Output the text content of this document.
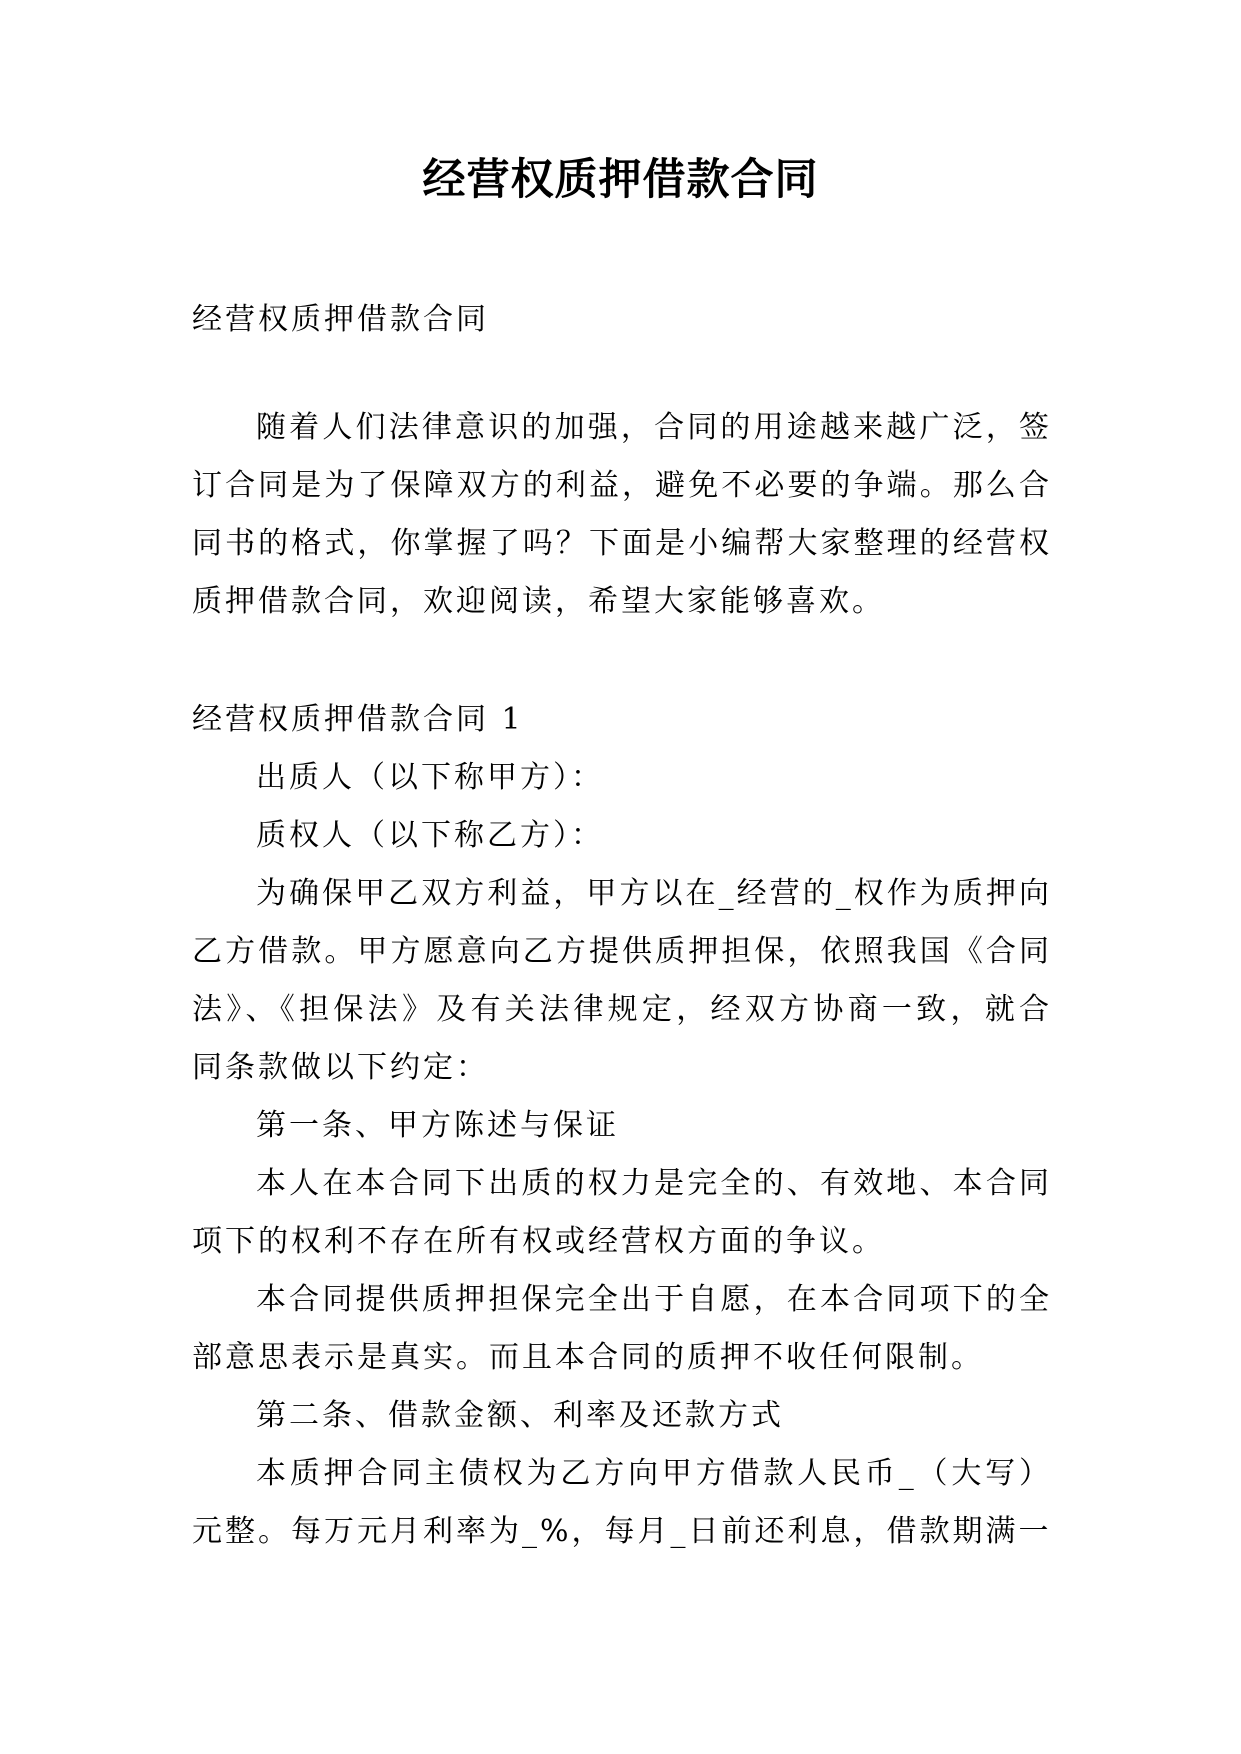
经营权质押借款合同

经营权质押借款合同

随着人们法律意识的加强，合同的用途越来越广泛，签订合同是为了保障双方的利益，避免不必要的争端。那么合同书的格式，你掌握了吗？下面是小编帮大家整理的经营权质押借款合同，欢迎阅读，希望大家能够喜欢。

经营权质押借款合同 1

出质人（以下称甲方）：

质权人（以下称乙方）：

为确保甲乙双方利益，甲方以在_经营的_权作为质押向乙方借款。甲方愿意向乙方提供质押担保，依照我国《合同法》、《担保法》及有关法律规定，经双方协商一致，就合同条款做以下约定：

第一条、甲方陈述与保证

本人在本合同下出质的权力是完全的、有效地、本合同项下的权利不存在所有权或经营权方面的争议。

本合同提供质押担保完全出于自愿，在本合同项下的全部意思表示是真实。而且本合同的质押不收任何限制。

第二条、借款金额、利率及还款方式

本质押合同主债权为乙方向甲方借款人民币_（大写）元整。每万元月利率为_%，每月_日前还利息，借款期满一
